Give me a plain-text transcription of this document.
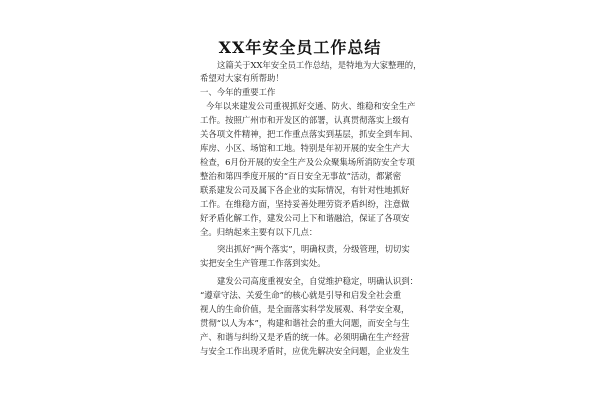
XX年安全员工作总结
这篇关于XX年安全员工作总结，是特地为大家整理的，
希望对大家有所帮助！
一、今年的重要工作
今年以来建发公司重视抓好交通、防火、维稳和安全生产
工作。按照广州市和开发区的部署，认真贯彻落实上级有
关各项文件精神，把工作重点落实到基层，抓安全到车间、
库房、小区、场馆和工地。特别是年初开展的安全生产大
检查，6月份开展的安全生产及公众聚集场所消防安全专项
整治和第四季度开展的“百日安全无事故”活动，都紧密
联系建发公司及属下各企业的实际情况，有针对性地抓好
工作。在维稳方面，坚持妥善处理劳资矛盾纠纷，注意做
好矛盾化解工作，建发公司上下和谐融洽，保证了各项安
全。归纳起来主要有以下几点：
突出抓好“两个落实”，明确权责，分级管理，切切实
实把安全生产管理工作落到实处。
建发公司高度重视安全，自觉维护稳定，明确认识到：
“遵章守法、关爱生命”的核心就是引导和启发全社会重
视人的生命价值，是全面落实科学发展观、科学安全观，
贯彻“以人为本”，构建和谐社会的重大问题，而安全与生
产、和谐与纠纷又是矛盾的统一体。必须明确在生产经营
与安全工作出现矛盾时，应优先解决安全问题，企业发生
